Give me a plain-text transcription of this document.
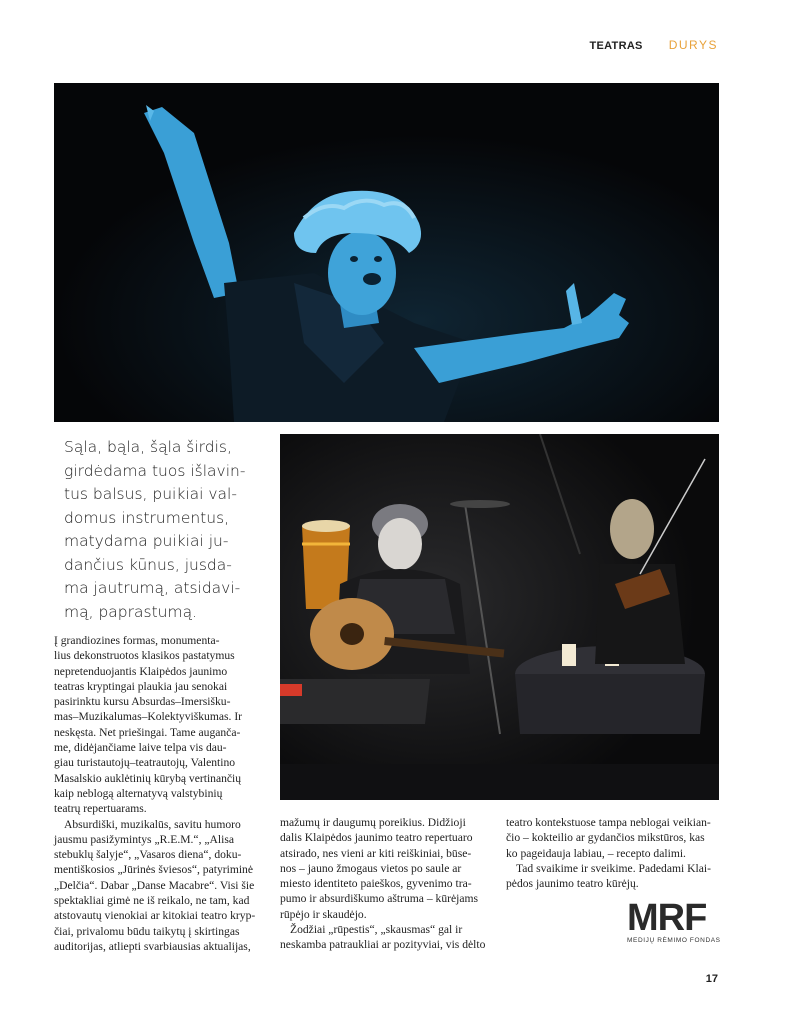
TEATRAS DURYS
Sąla, bąla, šąla širdis,
girdėdama tuos išlavin-
tus balsus, puikiai val-
domus instrumentus,
matydama puikiai ju-
dančius kūnus, jusda-
ma jautrumą, atsidavi-
mą, paprastumą.
Į grandiozines formas, monumenta-
lius dekonstruotos klasikos pastatymus
nepretenduojantis Klaipėdos jaunimo
teatras kryptingai plaukia jau senokai
pasirinktu kursu Absurdas–Imersišku-
mas–Muzikalumas–Kolektyviškumas. Ir
neskęsta. Net priešingai. Tame auganča-
me, didėjančiame laive telpa vis dau-
giau turistautojų–teatrautojų, Valentino
Masalskio auklėtinių kūrybą vertinančių
kaip neblogą alternatyvą valstybinių
teatrų repertuarams.
Absurdiški, muzikalūs, savitu humoro
jausmu pasižymintys „R.E.M.“, „Alisa
stebuklų šalyje“, „Vasaros diena“, doku-
mentiškosios „Jūrinės šviesos“, patyriminė
„Delčia“. Dabar „Danse Macabre“. Visi šie
spektakliai gimė ne iš reikalo, ne tam, kad
atstovautų vienokiai ar kitokiai teatro kryp-
čiai, privalomu būdu taikytų į skirtingas
auditorijas, atliepti svarbiausias aktualijas,
mažumų ir daugumų poreikius. Didžioji
dalis Klaipėdos jaunimo teatro repertuaro
atsirado, nes vieni ar kiti reiškiniai, būse-
nos – jauno žmogaus vietos po saule ar
miesto identiteto paieškos, gyvenimo tra-
pumo ir absurdiškumo aštruma – kūrėjams
rūpėjo ir skaudėjo.
Žodžiai „rūpestis“, „skausmas“ gal ir
neskamba patraukliai ar pozityviai, vis dėlto
teatro kontekstuose tampa neblogai veikian-
čio – kokteilio ar gydančios mikstūros, kas
ko pageidauja labiau, – recepto dalimi.
Tad svaikime ir sveikime. Padedami Klai-
pėdos jaunimo teatro kūrėjų.
MRF
MEDIJŲ RĖMIMO FONDAS
17
